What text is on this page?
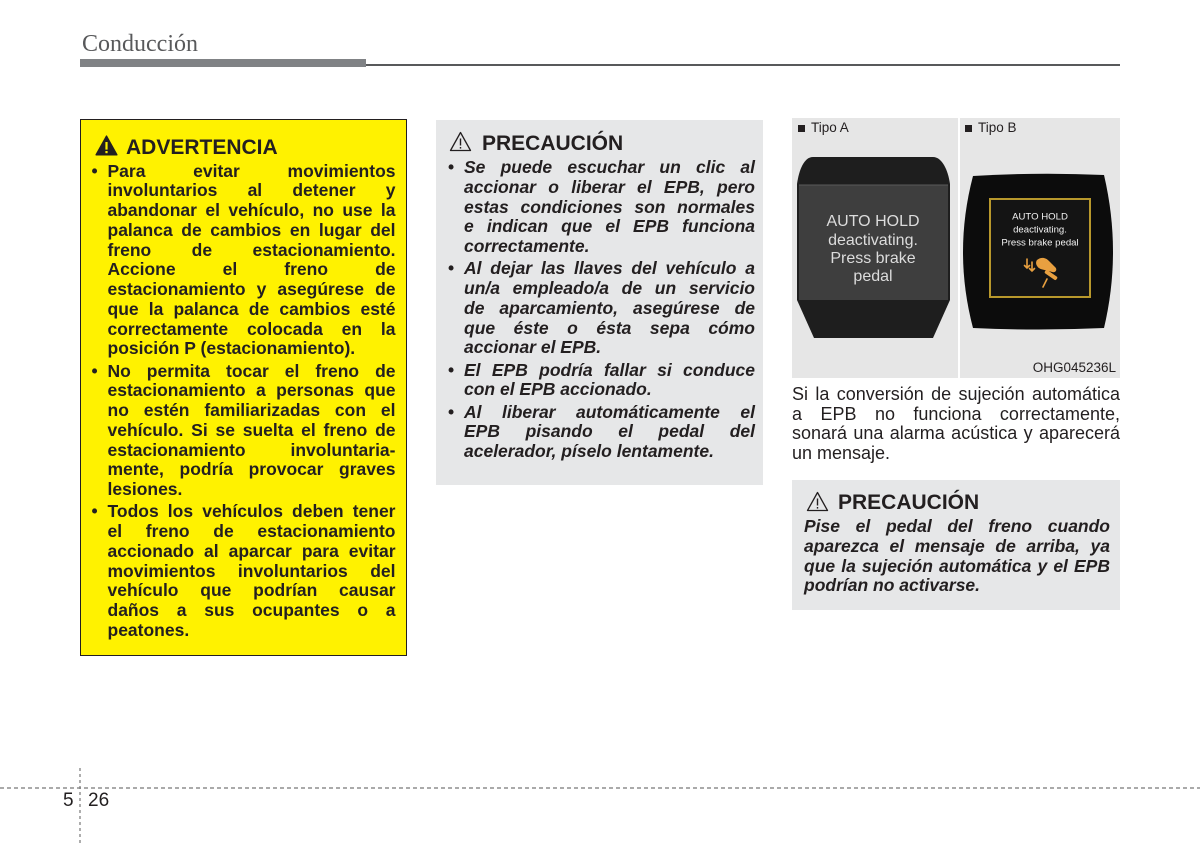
Conducción
ADVERTENCIA
• Para evitar movimientos
involuntarios al detener y
abandonar el vehículo, no use la
palanca de cambios en lugar del
freno de estacionamiento.
Accione el freno de
estacionamiento y asegúrese de
que la palanca de cambios esté
correctamente colocada en la
posición P (estacionamiento).
• No permita tocar el freno de
estacionamiento a personas que
no estén familiarizadas con el
vehículo. Si se suelta el freno de
estacionamiento involuntaria-
mente, podría provocar graves
lesiones.
• Todos los vehículos deben tener
el freno de estacionamiento
accionado al aparcar para evitar
movimientos involuntarios del
vehículo que podrían causar
daños a sus ocupantes o a
peatones.
PRECAUCIÓN
• Se puede escuchar un clic al
accionar o liberar el EPB, pero
estas condiciones son normales
e indican que el EPB funciona
correctamente.
• Al dejar las llaves del vehículo a
un/a empleado/a de un servicio
de aparcamiento, asegúrese de
que éste o ésta sepa cómo
accionar el EPB.
• El EPB podría fallar si conduce
con el EPB accionado.
• Al liberar automáticamente el
EPB pisando el pedal del
acelerador, píselo lentamente.
Tipo A	Tipo B
AUTO HOLD
deactivating.
Press brake
pedal
AUTO HOLD
deactivating.
Press brake pedal
OHG045236L
Si la conversión de sujeción automática
a EPB no funciona correctamente,
sonará una alarma acústica y aparecerá
un mensaje.
PRECAUCIÓN
Pise el pedal del freno cuando
aparezca el mensaje de arriba, ya
que la sujeción automática y el EPB
podrían no activarse.
5 26
